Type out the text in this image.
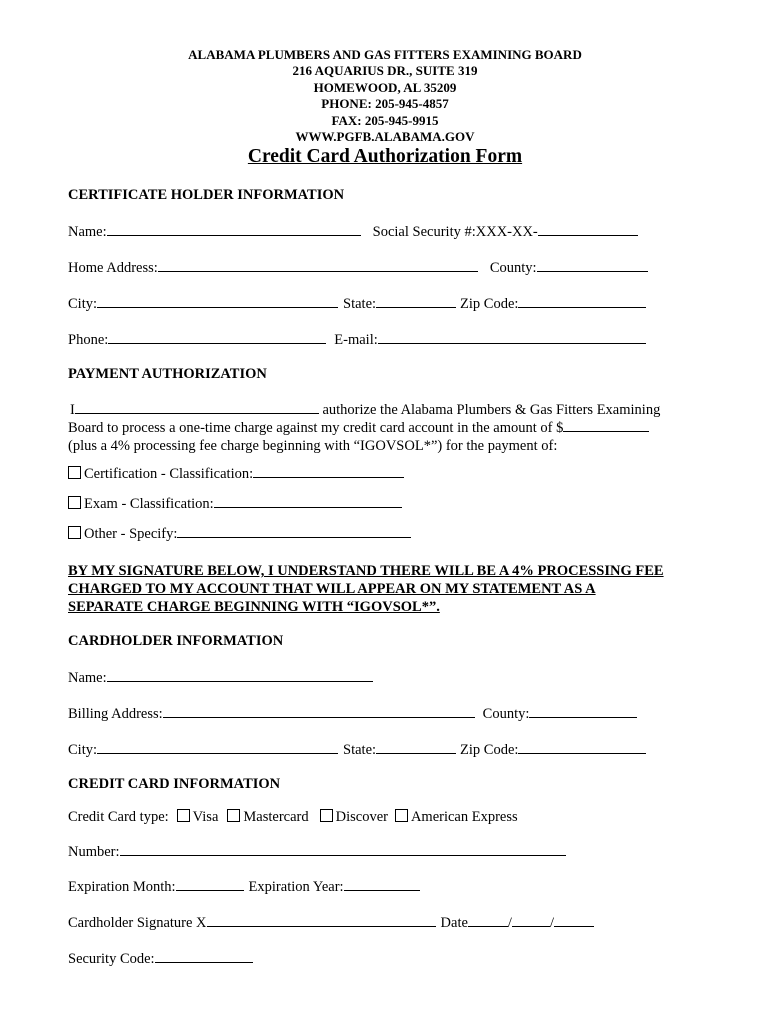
ALABAMA PLUMBERS AND GAS FITTERS EXAMINING BOARD
216 AQUARIUS DR., SUITE 319
HOMEWOOD, AL 35209
PHONE: 205-945-4857
FAX: 205-945-9915
WWW.PGFB.ALABAMA.GOV
Credit Card Authorization Form
CERTIFICATE HOLDER INFORMATION
Name:	Social Security #:XXX-XX-
Home Address:	County:
City:	State:	Zip Code:
Phone:	E-mail:
PAYMENT AUTHORIZATION
I	authorize the Alabama Plumbers & Gas Fitters Examining
Board to process a one-time charge against my credit card account in the amount of $
(plus a 4% processing fee charge beginning with “IGOVSOL*”) for the payment of:
Certification - Classification:
Exam - Classification:
Other - Specify:
BY MY SIGNATURE BELOW, I UNDERSTAND THERE WILL BE A 4% PROCESSING FEE
CHARGED TO MY ACCOUNT THAT WILL APPEAR ON MY STATEMENT AS A
SEPARATE CHARGE BEGINNING WITH “IGOVSOL*”.
CARDHOLDER INFORMATION
Name:
Billing Address:	County:
City:	State:	Zip Code:
CREDIT CARD INFORMATION
Credit Card type: Visa Mastercard Discover American Express
Number:
Expiration Month:	Expiration Year:
Cardholder Signature X	Date	/	/
Security Code:
